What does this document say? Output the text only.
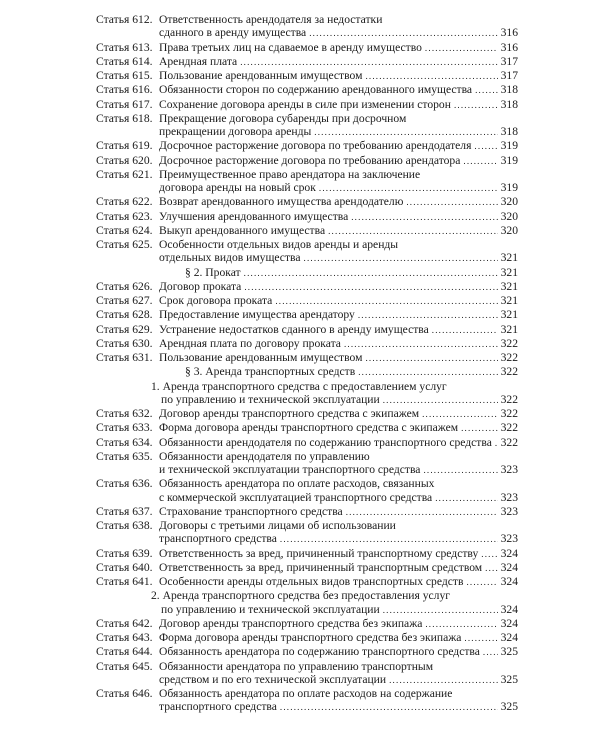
Статья 612. Ответственность арендодателя за недостатки
сданного в аренду имущества .....	316
Статья 613. Права третьих лиц на сдаваемое в аренду имущество .....	316
Статья 614. Арендная плата .....	317
Статья 615. Пользование арендованным имуществом .....	317
Статья 616. Обязанности сторон по содержанию арендованного имущества ..... 318
Статья 617. Сохранение договора аренды в силе при изменении сторон .....	318
Статья 618. Прекращение договора субаренды при досрочном
прекращении договора аренды .....	318
Статья 619. Досрочное расторжение договора по требованию арендодателя .....	319
Статья 620. Досрочное расторжение договора по требованию арендатора .....	319
Статья 621. Преимущественное право арендатора на заключение
договора аренды на новый срок .....	319
Статья 622. Возврат арендованного имущества арендодателю .....	320
Статья 623. Улучшения арендованного имущества .....	320
Статья 624. Выкуп арендованного имущества .....	320
Статья 625. Особенности отдельных видов аренды и аренды
отдельных видов имущества .....	321
§ 2. Прокат .....	321
Статья 626. Договор проката .....	321
Статья 627. Срок договора проката .....	321
Статья 628. Предоставление имущества арендатору .....	321
Статья 629. Устранение недостатков сданного в аренду имущества .....	321
Статья 630. Арендная плата по договору проката .....	322
Статья 631. Пользование арендованным имуществом .....	322
§ 3. Аренда транспортных средств .....	322
1. Аренда транспортного средства с предоставлением услуг
по управлению и технической эксплуатации .....	322
Статья 632. Договор аренды транспортного средства с экипажем .....	322
Статья 633. Форма договора аренды транспортного средства с экипажем .....	322
Статья 634. Обязанности арендодателя по содержанию транспортного средства ..... 322
Статья 635. Обязанности арендодателя по управлению
и технической эксплуатации транспортного средства .....	323
Статья 636. Обязанность арендатора по оплате расходов, связанных
с коммерческой эксплуатацией транспортного средства .....	323
Статья 637. Страхование транспортного средства .....	323
Статья 638. Договоры с третьими лицами об использовании
транспортного средства .....	323
Статья 639. Ответственность за вред, причиненный транспортному средству ..... 324
Статья 640. Ответственность за вред, причиненный транспортным средством ..... 324
Статья 641. Особенности аренды отдельных видов транспортных средств .....	324
2. Аренда транспортного средства без предоставления услуг
по управлению и технической эксплуатации .....	324
Статья 642. Договор аренды транспортного средства без экипажа .....	324
Статья 643. Форма договора аренды транспортного средства без экипажа .....	324
Статья 644. Обязанность арендатора по содержанию транспортного средства ..... 325
Статья 645. Обязанности арендатора по управлению транспортным
средством и по его технической эксплуатации .....	325
Статья 646. Обязанность арендатора по оплате расходов на содержание
транспортного средства .....	325
